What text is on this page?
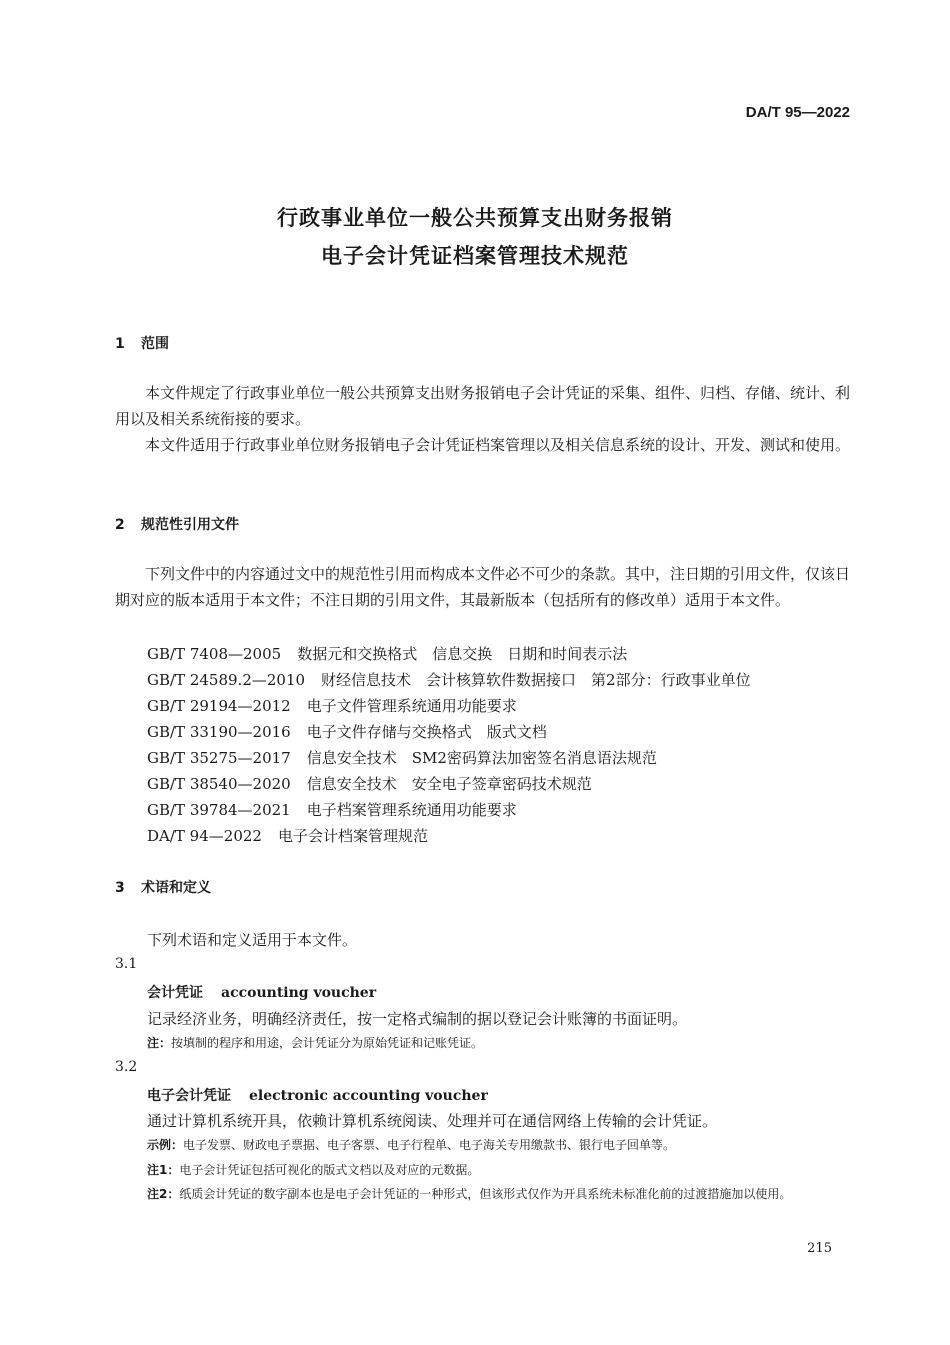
DA/T 95—2022
行政事业单位一般公共预算支出财务报销
电子会计凭证档案管理技术规范
1 范围
本文件规定了行政事业单位一般公共预算支出财务报销电子会计凭证的采集、组件、归档、存储、统计、利用以及相关系统衔接的要求。
本文件适用于行政事业单位财务报销电子会计凭证档案管理以及相关信息系统的设计、开发、测试和使用。
2 规范性引用文件
下列文件中的内容通过文中的规范性引用而构成本文件必不可少的条款。其中，注日期的引用文件，仅该日期对应的版本适用于本文件；不注日期的引用文件，其最新版本（包括所有的修改单）适用于本文件。
GB/T 7408—2005 数据元和交换格式　信息交换　日期和时间表示法
GB/T 24589.2—2010 财经信息技术　会计核算软件数据接口　第2部分：行政事业单位
GB/T 29194—2012 电子文件管理系统通用功能要求
GB/T 33190—2016 电子文件存储与交换格式　版式文档
GB/T 35275—2017 信息安全技术　SM2密码算法加密签名消息语法规范
GB/T 38540—2020 信息安全技术　安全电子签章密码技术规范
GB/T 39784—2021 电子档案管理系统通用功能要求
DA/T 94—2022 电子会计档案管理规范
3 术语和定义
下列术语和定义适用于本文件。
3.1
会计凭证 accounting voucher
记录经济业务，明确经济责任，按一定格式编制的据以登记会计账簿的书面证明。
注：按填制的程序和用途，会计凭证分为原始凭证和记账凭证。
3.2
电子会计凭证 electronic accounting voucher
通过计算机系统开具，依赖计算机系统阅读、处理并可在通信网络上传输的会计凭证。
示例：电子发票、财政电子票据、电子客票、电子行程单、电子海关专用缴款书、银行电子回单等。
注1：电子会计凭证包括可视化的版式文档以及对应的元数据。
注2：纸质会计凭证的数字副本也是电子会计凭证的一种形式，但该形式仅作为开具系统未标准化前的过渡措施加以使用。
215
